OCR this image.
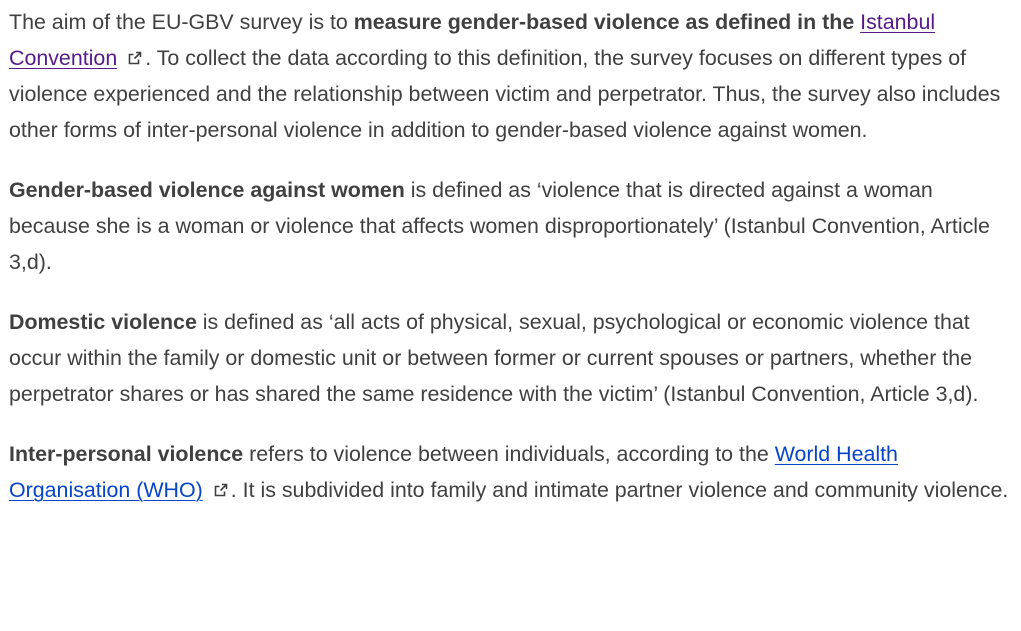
The aim of the EU-GBV survey is to measure gender-based violence as defined in the Istanbul Convention . To collect the data according to this definition, the survey focuses on different types of violence experienced and the relationship between victim and perpetrator. Thus, the survey also includes other forms of inter-personal violence in addition to gender-based violence against women.

Gender-based violence against women is defined as ‘violence that is directed against a woman because she is a woman or violence that affects women disproportionately’ (Istanbul Convention, Article 3,d).

Domestic violence is defined as ‘all acts of physical, sexual, psychological or economic violence that occur within the family or domestic unit or between former or current spouses or partners, whether the perpetrator shares or has shared the same residence with the victim’ (Istanbul Convention, Article 3,d).

Inter-personal violence refers to violence between individuals, according to the World Health Organisation (WHO) . It is subdivided into family and intimate partner violence and community violence.
